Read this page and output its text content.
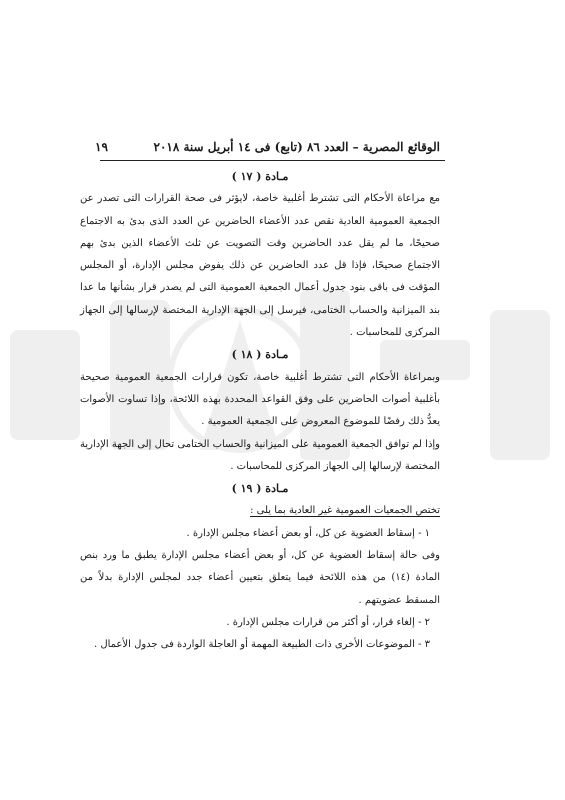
الوقائع المصرية – العدد ٨٦ (تابع) فى ١٤ أبريل سنة ٢٠١٨
١٩
مـادة ( ١٧ )

مع مراعاة الأحكام التى تشترط أغلبية خاصة، لايؤثر فى صحة القرارات التى تصدر عن الجمعية العمومية العادية نقص عدد الأعضاء الحاضرين عن العدد الذى بدئ به الاجتماع صحيحًا، ما لم يقل عدد الحاضرين وقت التصويت عن ثلث الأعضاء الذين بدئ بهم الاجتماع صحيحًا، فإذا قل عدد الحاضرين عن ذلك يفوض مجلس الإدارة، أو المجلس المؤقت فى باقى بنود جدول أعمال الجمعية العمومية التى لم يصدر قرار بشأنها ما عدا بند الميزانية والحساب الختامى، فيرسل إلى الجهة الإدارية المختصة لإرسالها إلى الجهاز المركزى للمحاسبات .

مـادة ( ١٨ )

وبمراعاة الأحكام التى تشترط أغلبية خاصة، تكون قرارات الجمعية العمومية صحيحة بأغلبية أصوات الحاضرين على وفق القواعد المحددة بهذه اللائحة، وإذا تساوت الأصوات يعدُّ ذلك رفضًا للموضوع المعروض على الجمعية العمومية .

وإذا لم توافق الجمعية العمومية على الميزانية والحساب الختامى تحال إلى الجهة الإدارية المختصة لإرسالها إلى الجهاز المركزى للمحاسبات .

مـادة ( ١٩ )

تختص الجمعيات العمومية غير العادية بما يلى :

١ - إسقاط العضوية عن كل، أو بعض أعضاء مجلس الإدارة .

وفى حالة إسقاط العضوية عن كل، أو بعض أعضاء مجلس الإدارة يطبق ما ورد بنص المادة (١٤) من هذه اللائحة فيما يتعلق بتعيين أعضاء جدد لمجلس الإدارة بدلاً من المسقط عضويتهم .

٢ - إلغاء قرار، أو أكثر من قرارات مجلس الإدارة .

٣ - الموضوعات الأخرى ذات الطبيعة المهمة أو العاجلة الواردة فى جدول الأعمال .
